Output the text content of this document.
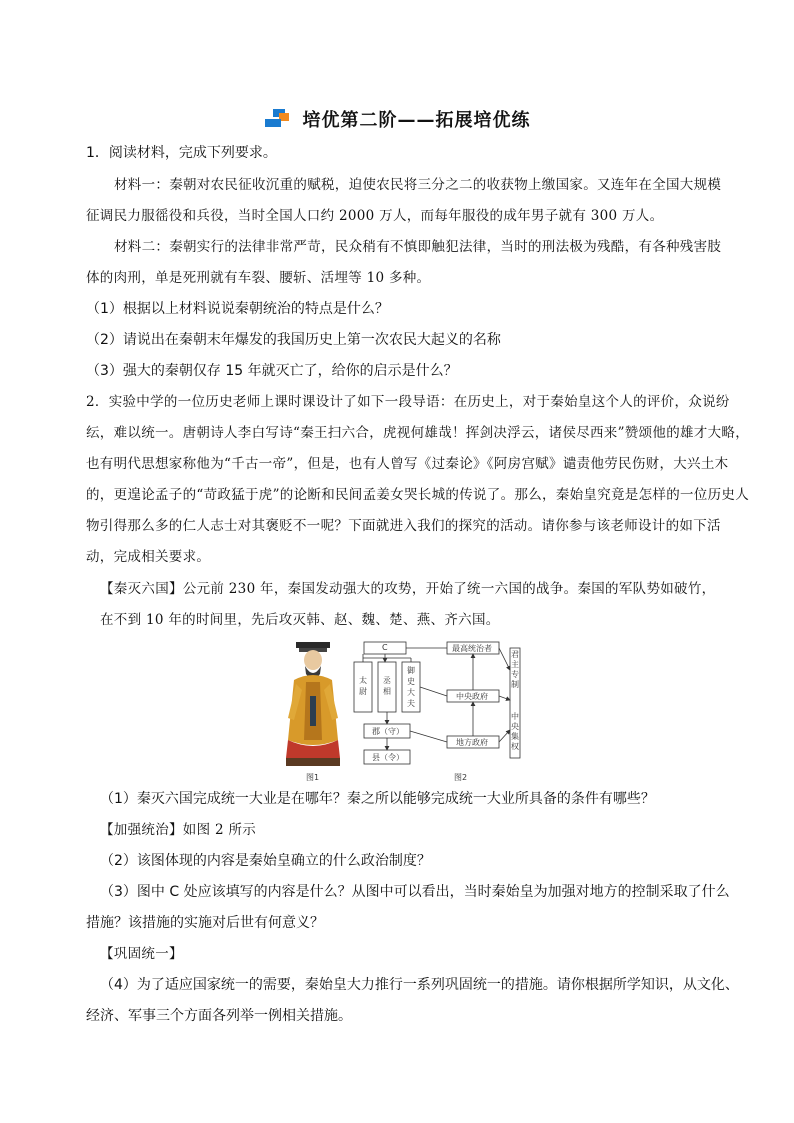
培优第二阶——拓展培优练
1．阅读材料，完成下列要求。
材料一：秦朝对农民征收沉重的赋税，迫使农民将三分之二的收获物上缴国家。又连年在全国大规模
征调民力服徭役和兵役，当时全国人口约 2000 万人，而每年服役的成年男子就有 300 万人。
材料二：秦朝实行的法律非常严苛，民众稍有不慎即触犯法律，当时的刑法极为残酷，有各种残害肢
体的肉刑，单是死刑就有车裂、腰斩、活埋等 10 多种。
（1）根据以上材料说说秦朝统治的特点是什么？
（2）请说出在秦朝末年爆发的我国历史上第一次农民大起义的名称
（3）强大的秦朝仅存 15 年就灭亡了，给你的启示是什么？
2．实验中学的一位历史老师上课时课设计了如下一段导语：在历史上，对于秦始皇这个人的评价，众说纷
纭，难以统一。唐朝诗人李白写诗“秦王扫六合，虎视何雄哉！挥剑决浮云，诸侯尽西来”赞颂他的雄才大略，
也有明代思想家称他为“千古一帝”，但是，也有人曾写《过秦论》《阿房宫赋》谴责他劳民伤财，大兴土木
的，更遑论孟子的“苛政猛于虎”的论断和民间孟姜女哭长城的传说了。那么，秦始皇究竟是怎样的一位历史人
物引得那么多的仁人志士对其褒贬不一呢？下面就进入我们的探究的活动。请你参与该老师设计的如下活
动，完成相关要求。
【秦灭六国】公元前 230 年，秦国发动强大的攻势，开始了统一六国的战争。秦国的军队势如破竹，
在不到 10 年的时间里，先后攻灭韩、赵、魏、楚、燕、齐六国。
图1	图2
C
太
尉
丞
相
御
史
大
夫
郡（守）
县（令）
最高统治者
中央政府
地方政府
君
主
专
制
中
央
集
权
（1）秦灭六国完成统一大业是在哪年？秦之所以能够完成统一大业所具备的条件有哪些？
【加强统治】如图 2 所示
（2）该图体现的内容是秦始皇确立的什么政治制度？
（3）图中 C 处应该填写的内容是什么？从图中可以看出，当时秦始皇为加强对地方的控制采取了什么
措施？该措施的实施对后世有何意义？
【巩固统一】
（4）为了适应国家统一的需要，秦始皇大力推行一系列巩固统一的措施。请你根据所学知识，从文化、
经济、军事三个方面各列举一例相关措施。
